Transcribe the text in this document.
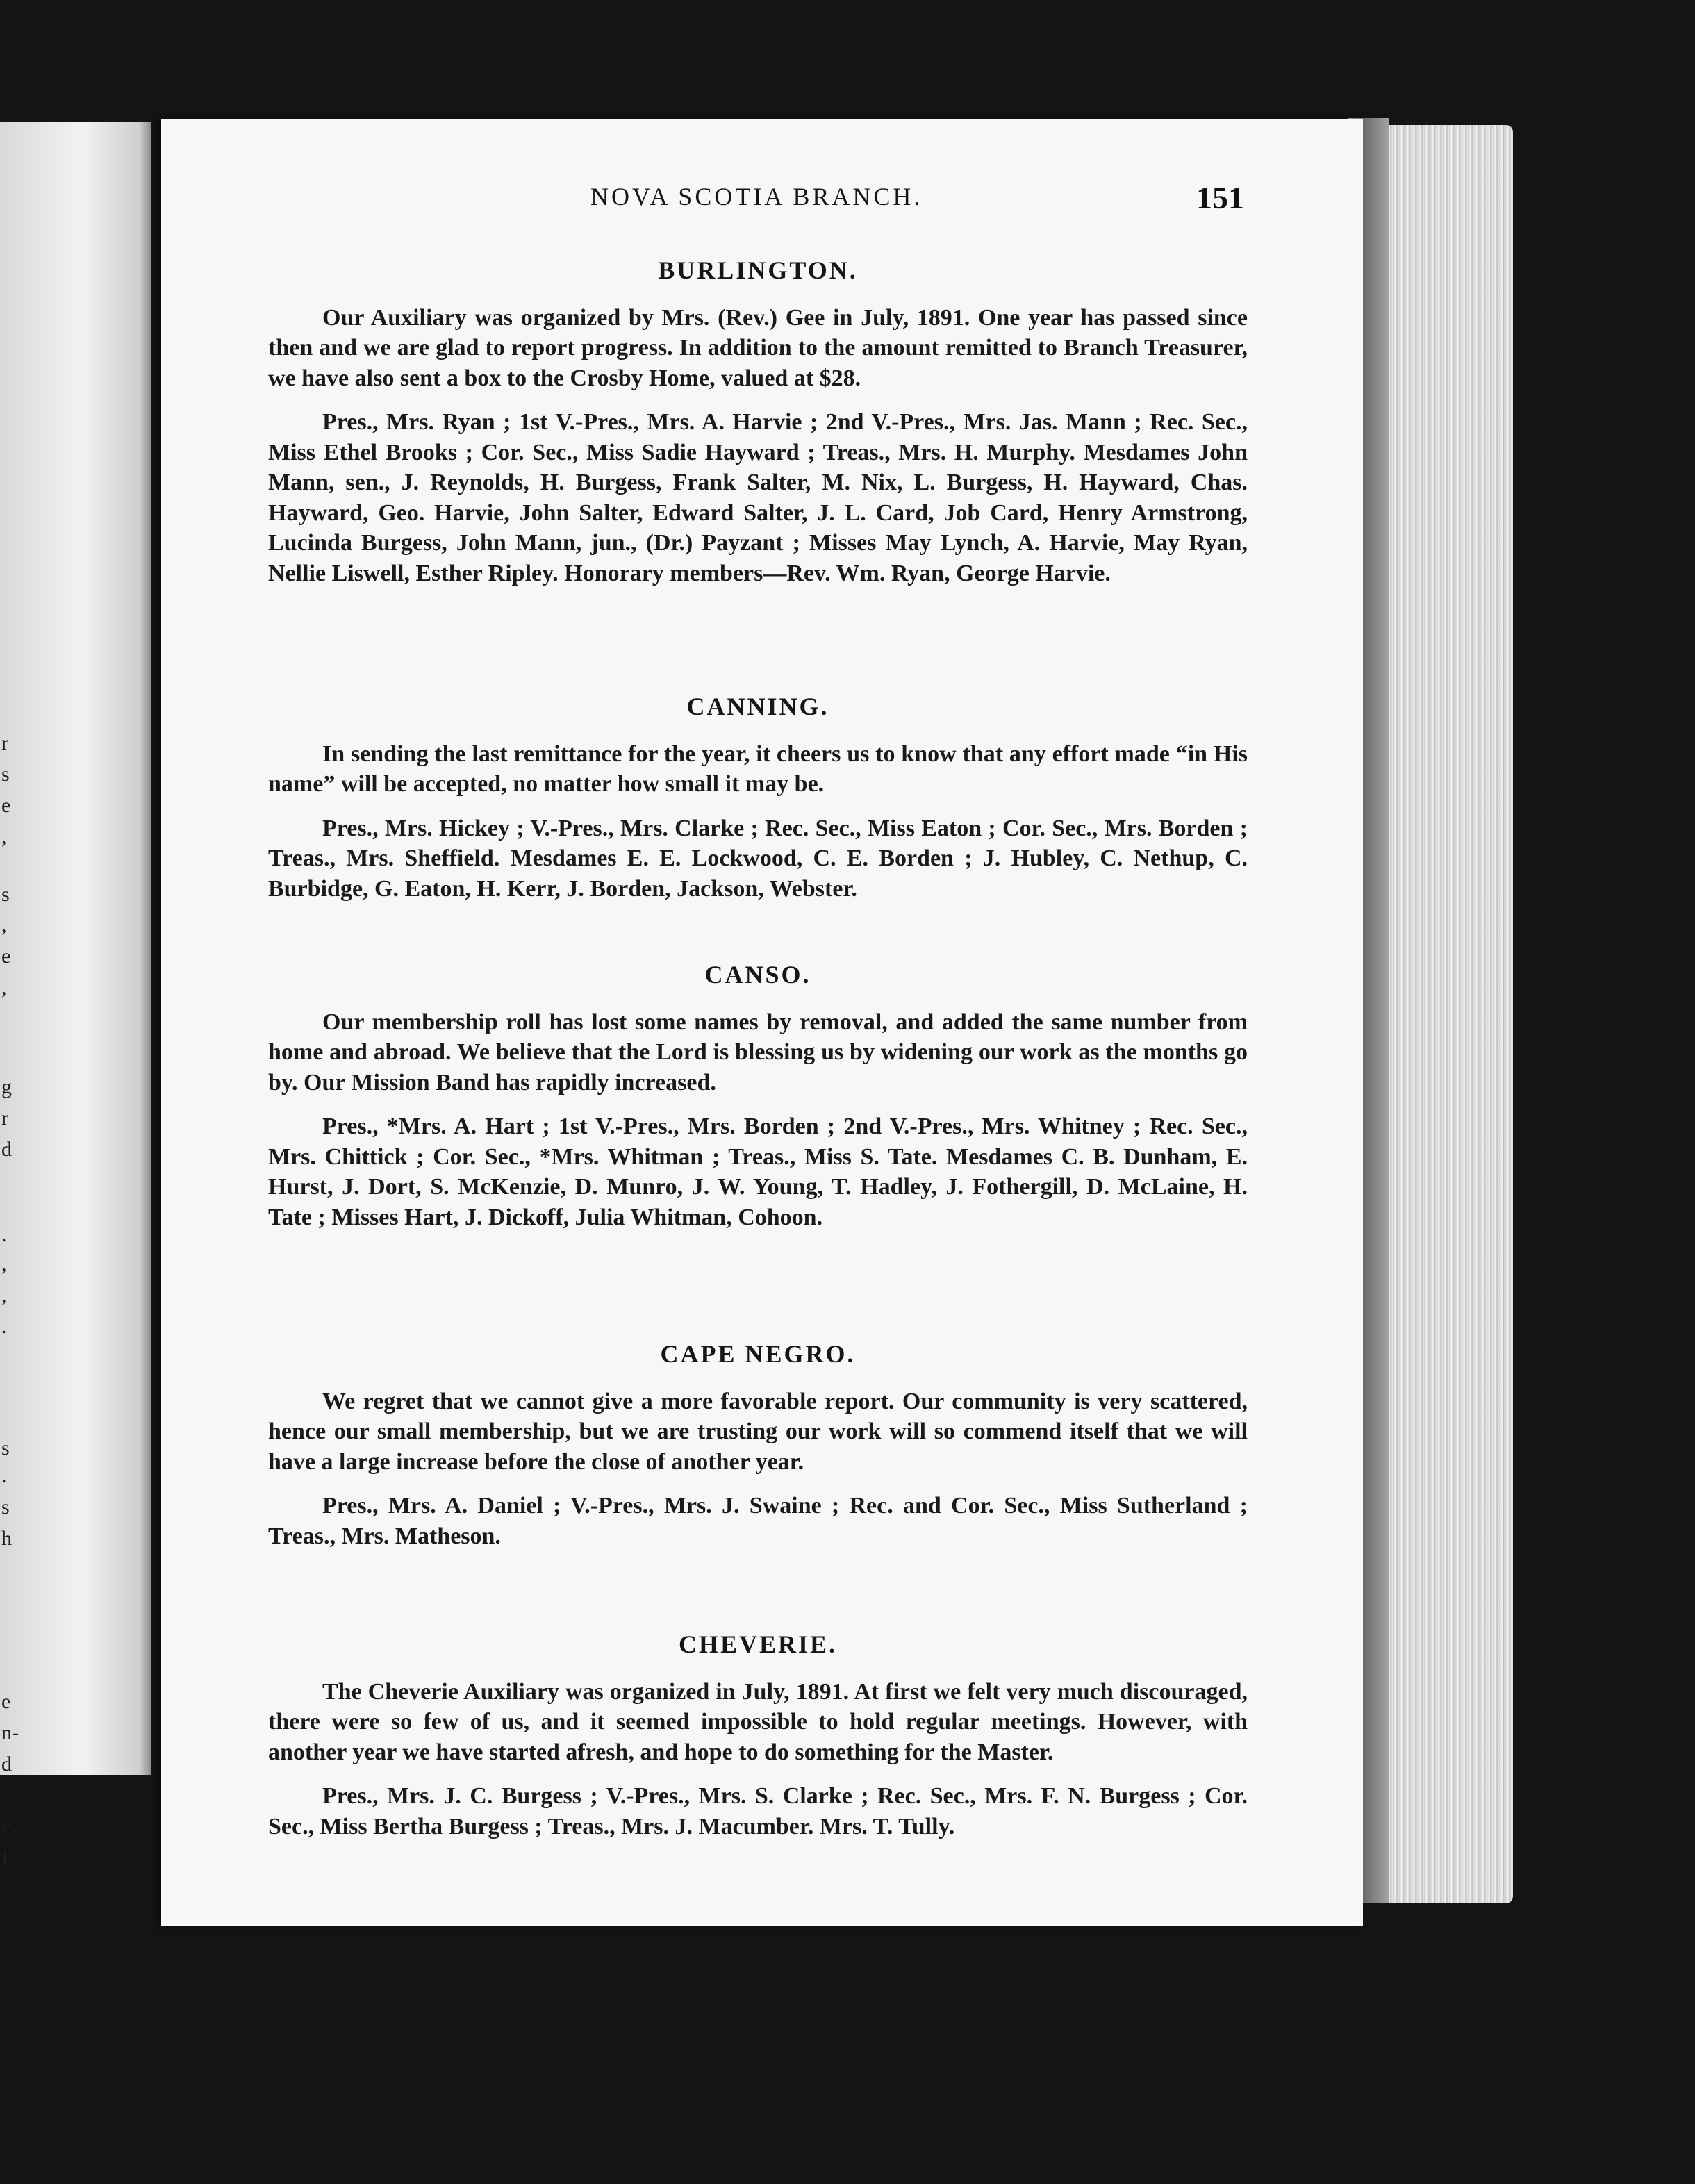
r
s
e
,
s
,
e
,
g
r
d
.
,
,
.
s
.
s
h
e
n-
d
c.
I.
NOVA SCOTIA BRANCH.	151
BURLINGTON.

Our Auxiliary was organized by Mrs. (Rev.) Gee in July, 1891. One year has passed since then and we are glad to report progress. In addition to the amount remitted to Branch Treasurer, we have also sent a box to the Crosby Home, valued at $28.

Pres., Mrs. Ryan ; 1st V.-Pres., Mrs. A. Harvie ; 2nd V.-Pres., Mrs. Jas. Mann ; Rec. Sec., Miss Ethel Brooks ; Cor. Sec., Miss Sadie Hayward ; Treas., Mrs. H. Murphy. Mesdames John Mann, sen., J. Reynolds, H. Burgess, Frank Salter, M. Nix, L. Burgess, H. Hayward, Chas. Hayward, Geo. Harvie, John Salter, Edward Salter, J. L. Card, Job Card, Henry Armstrong, Lucinda Burgess, John Mann, jun., (Dr.) Payzant ; Misses May Lynch, A. Harvie, May Ryan, Nellie Liswell, Esther Ripley. Honorary members—Rev. Wm. Ryan, George Harvie.

CANNING.

In sending the last remittance for the year, it cheers us to know that any effort made “in His name” will be accepted, no matter how small it may be.

Pres., Mrs. Hickey ; V.-Pres., Mrs. Clarke ; Rec. Sec., Miss Eaton ; Cor. Sec., Mrs. Borden ; Treas., Mrs. Sheffield. Mesdames E. E. Lockwood, C. E. Borden ; J. Hubley, C. Nethup, C. Burbidge, G. Eaton, H. Kerr, J. Borden, Jackson, Webster.

CANSO.

Our membership roll has lost some names by removal, and added the same number from home and abroad. We believe that the Lord is blessing us by widening our work as the months go by. Our Mission Band has rapidly increased.

Pres., *Mrs. A. Hart ; 1st V.-Pres., Mrs. Borden ; 2nd V.-Pres., Mrs. Whitney ; Rec. Sec., Mrs. Chittick ; Cor. Sec., *Mrs. Whitman ; Treas., Miss S. Tate. Mesdames C. B. Dunham, E. Hurst, J. Dort, S. McKenzie, D. Munro, J. W. Young, T. Hadley, J. Fothergill, D. McLaine, H. Tate ; Misses Hart, J. Dickoff, Julia Whitman, Cohoon.

CAPE NEGRO.

We regret that we cannot give a more favorable report. Our community is very scattered, hence our small membership, but we are trusting our work will so commend itself that we will have a large increase before the close of another year.

Pres., Mrs. A. Daniel ; V.-Pres., Mrs. J. Swaine ; Rec. and Cor. Sec., Miss Sutherland ; Treas., Mrs. Matheson.

CHEVERIE.

The Cheverie Auxiliary was organized in July, 1891. At first we felt very much discouraged, there were so few of us, and it seemed impossible to hold regular meetings. However, with another year we have started afresh, and hope to do something for the Master.

Pres., Mrs. J. C. Burgess ; V.-Pres., Mrs. S. Clarke ; Rec. Sec., Mrs. F. N. Burgess ; Cor. Sec., Miss Bertha Burgess ; Treas., Mrs. J. Macumber. Mrs. T. Tully.
